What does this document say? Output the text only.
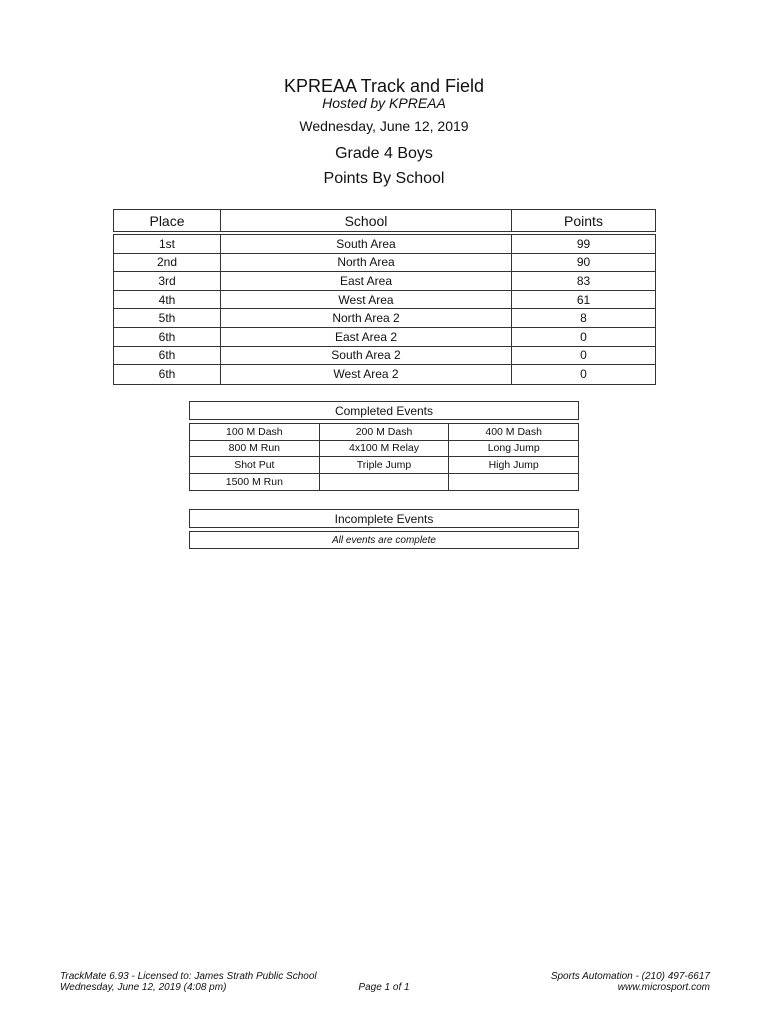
KPREAA Track and Field
Hosted by KPREAA
Wednesday, June 12, 2019
Grade 4 Boys
Points By School
Place	School	Points
1st	South Area	99
2nd	North Area	90
3rd	East Area	83
4th	West Area	61
5th	North Area 2	8
6th	East Area 2	0
6th	South Area 2	0
6th	West Area 2	0
Completed Events
100 M Dash	200 M Dash	400 M Dash
800 M Run	4x100 M Relay	Long Jump
Shot Put	Triple Jump	High Jump
1500 M Run
Incomplete Events
All events are complete
TrackMate 6.93 - Licensed to: James Strath Public School
Wednesday, June 12, 2019 (4:08 pm)	Page 1 of 1
Sports Automation - (210) 497-6617
www.microsport.com
